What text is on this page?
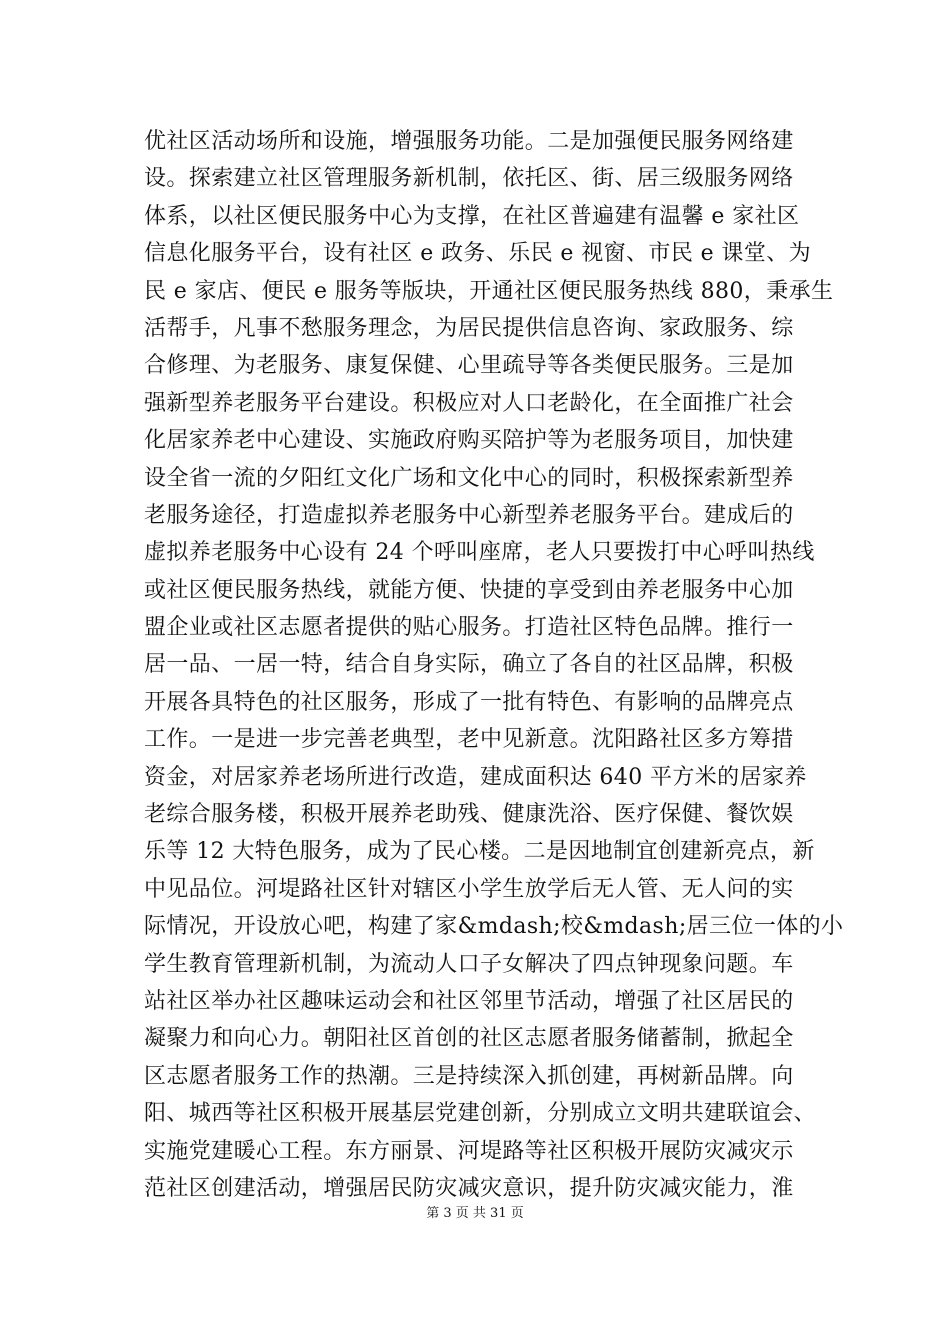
优社区活动场所和设施，增强服务功能。二是加强便民服务网络建
设。探索建立社区管理服务新机制，依托区、街、居三级服务网络
体系，以社区便民服务中心为支撑，在社区普遍建有温馨 e 家社区
信息化服务平台，设有社区 e 政务、乐民 e 视窗、市民 e 课堂、为
民 e 家店、便民 e 服务等版块，开通社区便民服务热线 880，秉承生
活帮手，凡事不愁服务理念，为居民提供信息咨询、家政服务、综
合修理、为老服务、康复保健、心里疏导等各类便民服务。三是加
强新型养老服务平台建设。积极应对人口老龄化，在全面推广社会
化居家养老中心建设、实施政府购买陪护等为老服务项目，加快建
设全省一流的夕阳红文化广场和文化中心的同时，积极探索新型养
老服务途径，打造虚拟养老服务中心新型养老服务平台。建成后的
虚拟养老服务中心设有 24 个呼叫座席，老人只要拨打中心呼叫热线
或社区便民服务热线，就能方便、快捷的享受到由养老服务中心加
盟企业或社区志愿者提供的贴心服务。打造社区特色品牌。推行一
居一品、一居一特，结合自身实际，确立了各自的社区品牌，积极
开展各具特色的社区服务，形成了一批有特色、有影响的品牌亮点
工作。一是进一步完善老典型，老中见新意。沈阳路社区多方筹措
资金，对居家养老场所进行改造，建成面积达 640 平方米的居家养
老综合服务楼，积极开展养老助残、健康洗浴、医疗保健、餐饮娱
乐等 12 大特色服务，成为了民心楼。二是因地制宜创建新亮点，新
中见品位。河堤路社区针对辖区小学生放学后无人管、无人问的实
际情况，开设放心吧，构建了家&mdash;校&mdash;居三位一体的小
学生教育管理新机制，为流动人口子女解决了四点钟现象问题。车
站社区举办社区趣味运动会和社区邻里节活动，增强了社区居民的
凝聚力和向心力。朝阳社区首创的社区志愿者服务储蓄制，掀起全
区志愿者服务工作的热潮。三是持续深入抓创建，再树新品牌。向
阳、城西等社区积极开展基层党建创新，分别成立文明共建联谊会、
实施党建暖心工程。东方丽景、河堤路等社区积极开展防灾减灾示
范社区创建活动，增强居民防灾减灾意识，提升防灾减灾能力，淮
第 3 页 共 31 页
